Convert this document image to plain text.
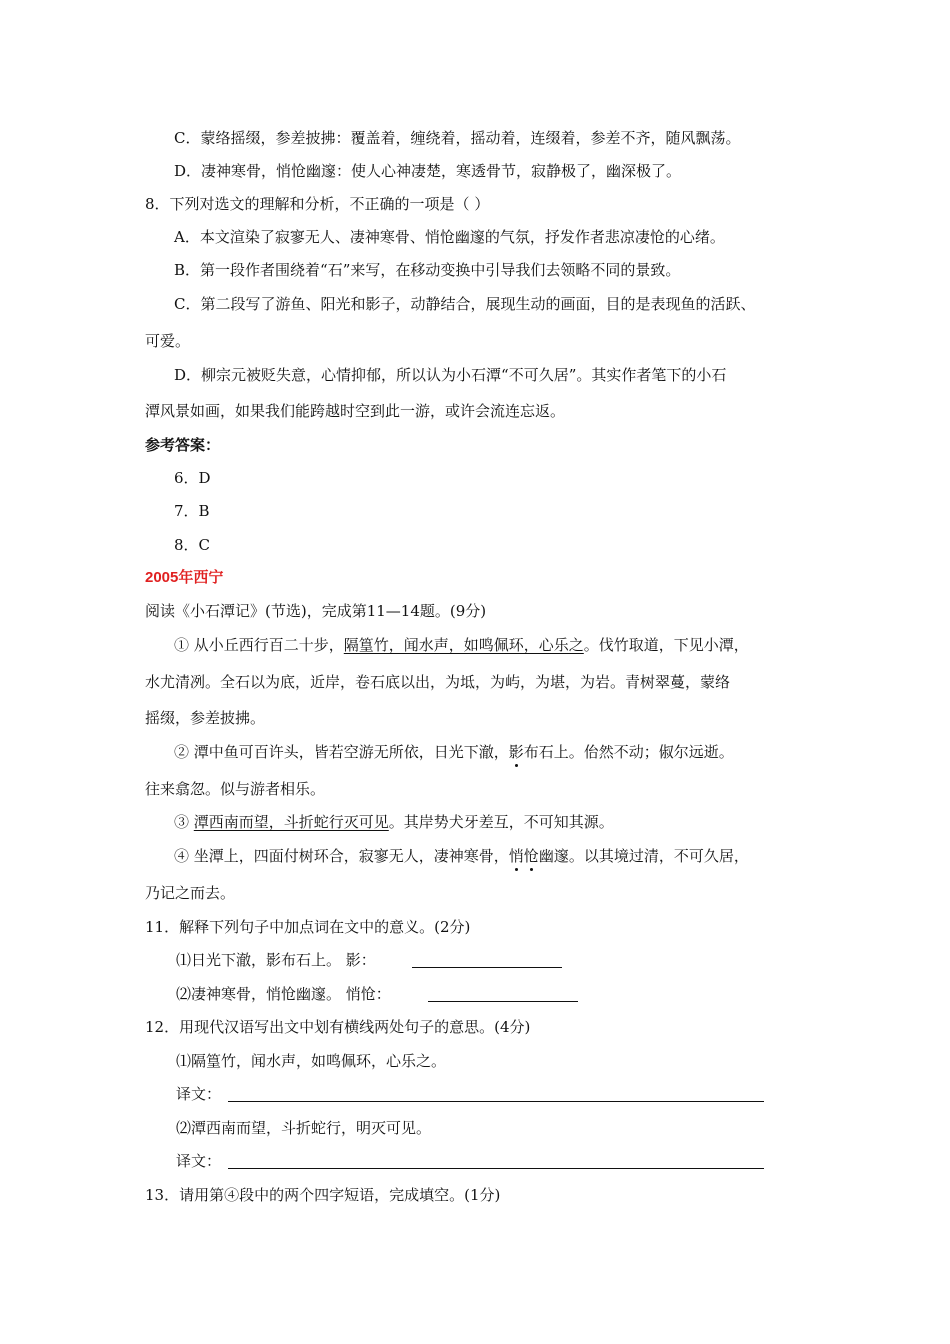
C．蒙络摇缀，参差披拂：覆盖着，缠绕着，摇动着，连缀着，参差不齐，随风飘荡。
D．凄神寒骨，悄怆幽邃：使人心神凄楚，寒透骨节，寂静极了，幽深极了。
8．下列对选文的理解和分析，不正确的一项是（ ）
A．本文渲染了寂寥无人、凄神寒骨、悄怆幽邃的气氛，抒发作者悲凉凄怆的心绪。
B．第一段作者围绕着“石”来写，在移动变换中引导我们去领略不同的景致。
C．第二段写了游鱼、阳光和影子，动静结合，展现生动的画面，目的是表现鱼的活跃、
可爱。
D．柳宗元被贬失意，心情抑郁，所以认为小石潭“不可久居”。其实作者笔下的小石
潭风景如画，如果我们能跨越时空到此一游，或许会流连忘返。
参考答案：
6．D
7．B
8．C
2005年西宁
阅读《小石潭记》(节选)，完成第11—14题。(9分)
① 从小丘西行百二十步，隔篁竹，闻水声，如鸣佩环，心乐之。伐竹取道，下见小潭，
水尤清冽。全石以为底，近岸，卷石底以出，为坻，为屿，为堪，为岩。青树翠蔓，蒙络
摇缀，参差披拂。
② 潭中鱼可百许头，皆若空游无所依，日光下澈，影布石上。佁然不动；俶尔远逝。
往来翕忽。似与游者相乐。
③ 潭西南而望，斗折蛇行灭可见。其岸势犬牙差互，不可知其源。
④ 坐潭上，四面付树环合，寂寥无人，凄神寒骨，悄怆幽邃。以其境过清，不可久居，
乃记之而去。
11．解释下列句子中加点词在文中的意义。(2分)
⑴日光下澈，影布石上。 影：
⑵凄神寒骨，悄怆幽邃。 悄怆：
12．用现代汉语写出文中划有横线两处句子的意思。(4分)
⑴隔篁竹，闻水声，如鸣佩环，心乐之。
译文：
⑵潭西南而望，斗折蛇行，明灭可见。
译文：
13．请用第④段中的两个四字短语，完成填空。(1分)
